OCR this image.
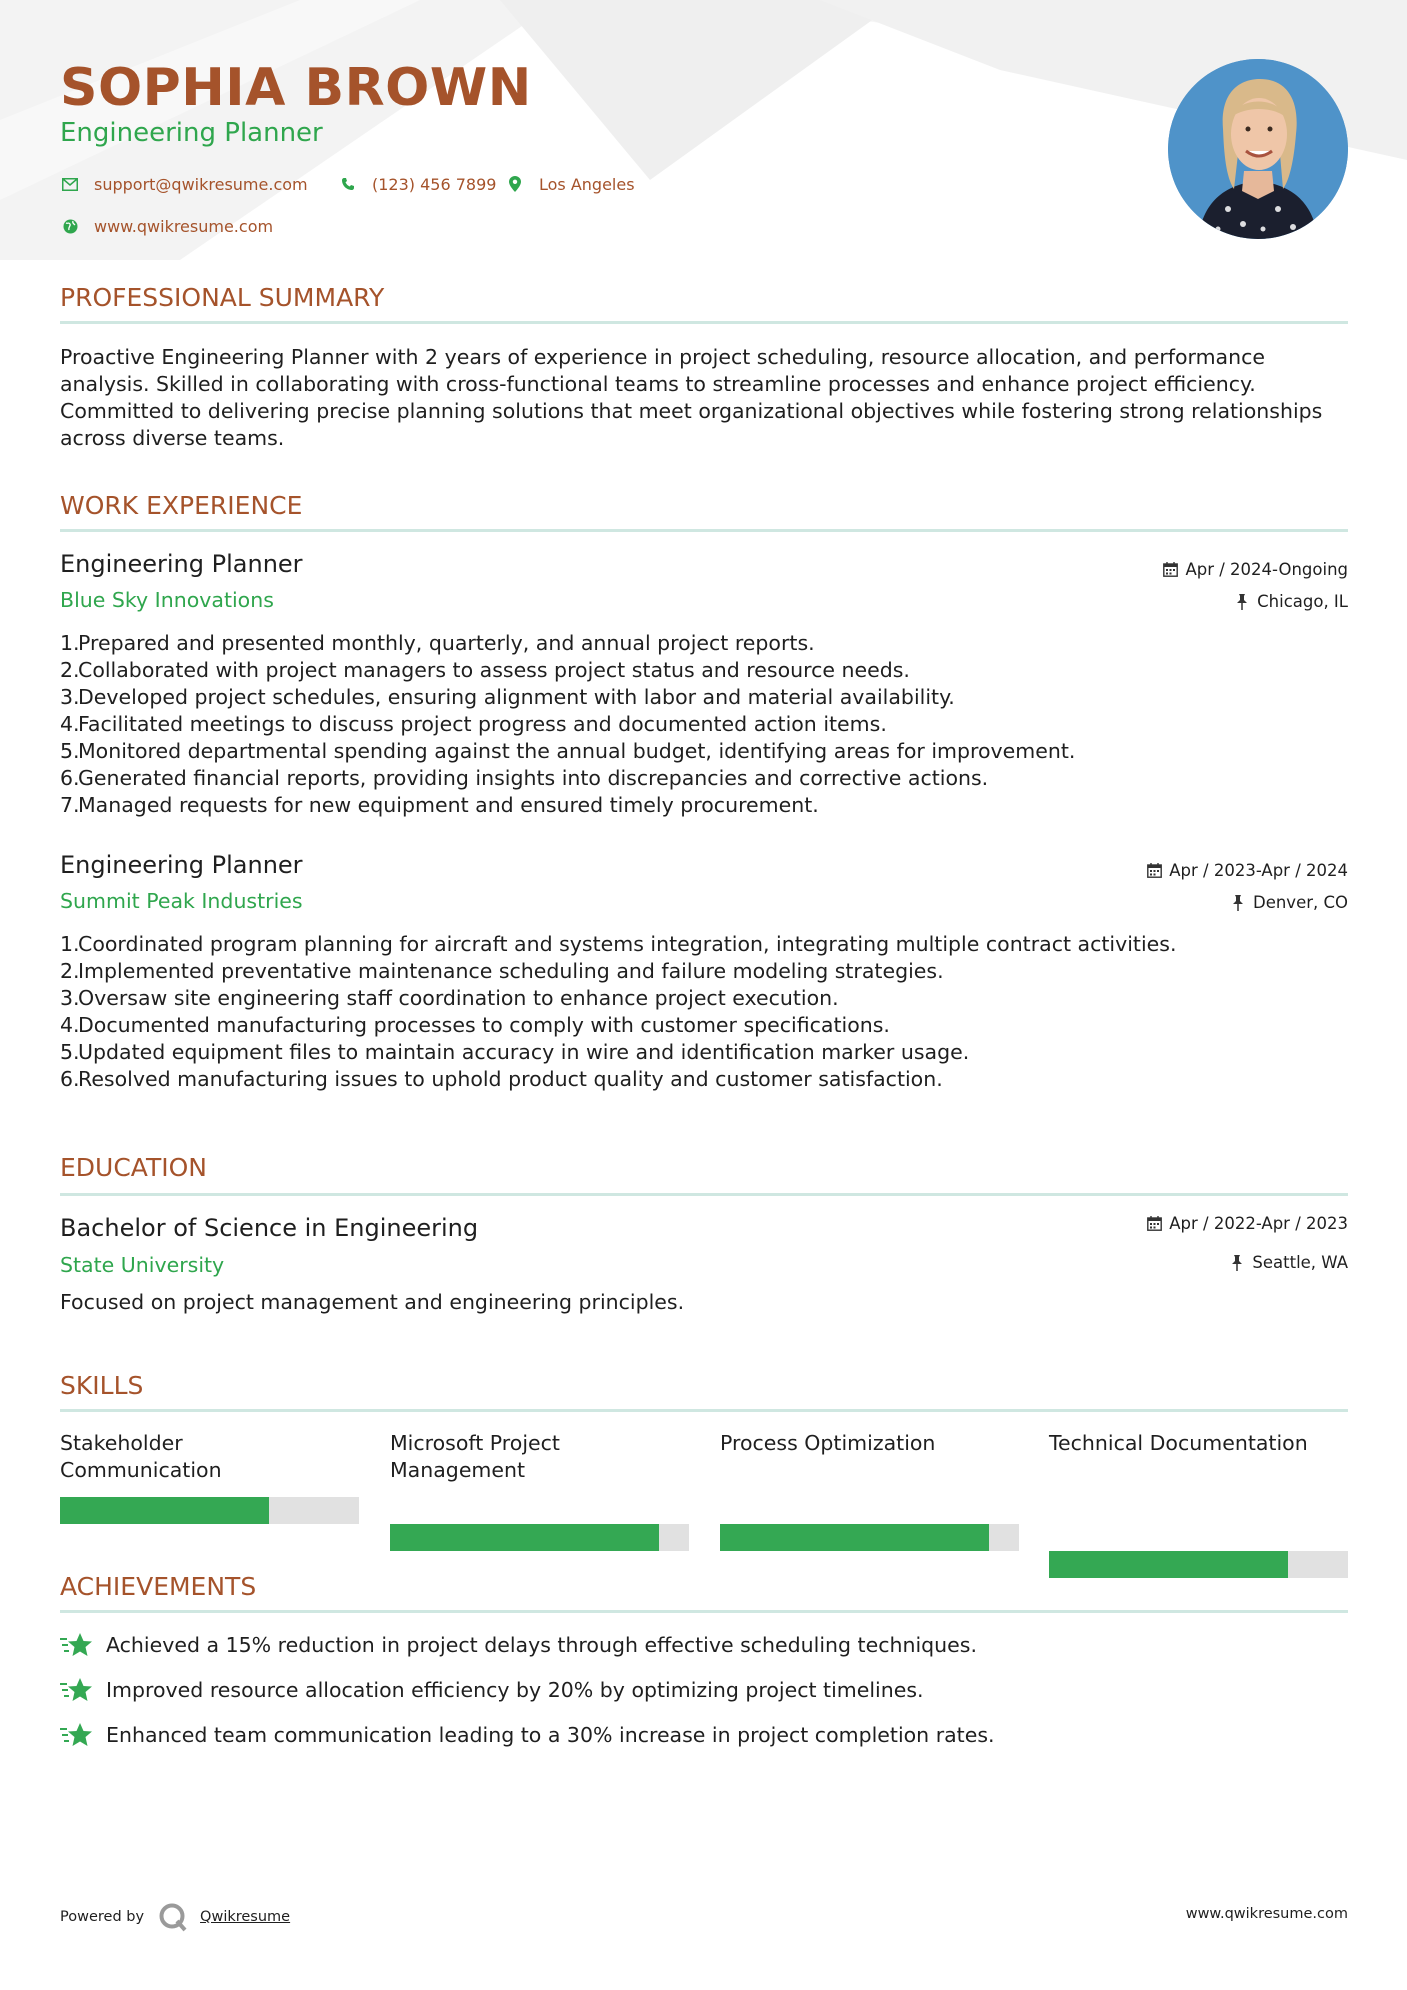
SOPHIA BROWN
Engineering Planner
support@qwikresume.com	(123) 456 7899	Los Angeles
www.qwikresume.com
PROFESSIONAL SUMMARY
Proactive Engineering Planner with 2 years of experience in project scheduling, resource allocation, and performance analysis. Skilled in collaborating with cross-functional teams to streamline processes and enhance project efficiency. Committed to delivering precise planning solutions that meet organizational objectives while fostering strong relationships across diverse teams.
WORK EXPERIENCE
Engineering Planner
Blue Sky Innovations
Apr / 2024-Ongoing
Chicago, IL
1.Prepared and presented monthly, quarterly, and annual project reports.
2.Collaborated with project managers to assess project status and resource needs.
3.Developed project schedules, ensuring alignment with labor and material availability.
4.Facilitated meetings to discuss project progress and documented action items.
5.Monitored departmental spending against the annual budget, identifying areas for improvement.
6.Generated financial reports, providing insights into discrepancies and corrective actions.
7.Managed requests for new equipment and ensured timely procurement.
Engineering Planner
Summit Peak Industries
Apr / 2023-Apr / 2024
Denver, CO
1.Coordinated program planning for aircraft and systems integration, integrating multiple contract activities.
2.Implemented preventative maintenance scheduling and failure modeling strategies.
3.Oversaw site engineering staff coordination to enhance project execution.
4.Documented manufacturing processes to comply with customer specifications.
5.Updated equipment files to maintain accuracy in wire and identification marker usage.
6.Resolved manufacturing issues to uphold product quality and customer satisfaction.
EDUCATION
Bachelor of Science in Engineering
State University
Apr / 2022-Apr / 2023
Seattle, WA
Focused on project management and engineering principles.
SKILLS
Stakeholder Communication
Microsoft Project Management
Process Optimization	Technical Documentation
ACHIEVEMENTS
Achieved a 15% reduction in project delays through effective scheduling techniques.
Improved resource allocation efficiency by 20% by optimizing project timelines.
Enhanced team communication leading to a 30% increase in project completion rates.
Powered by	Qwikresume	www.qwikresume.com
